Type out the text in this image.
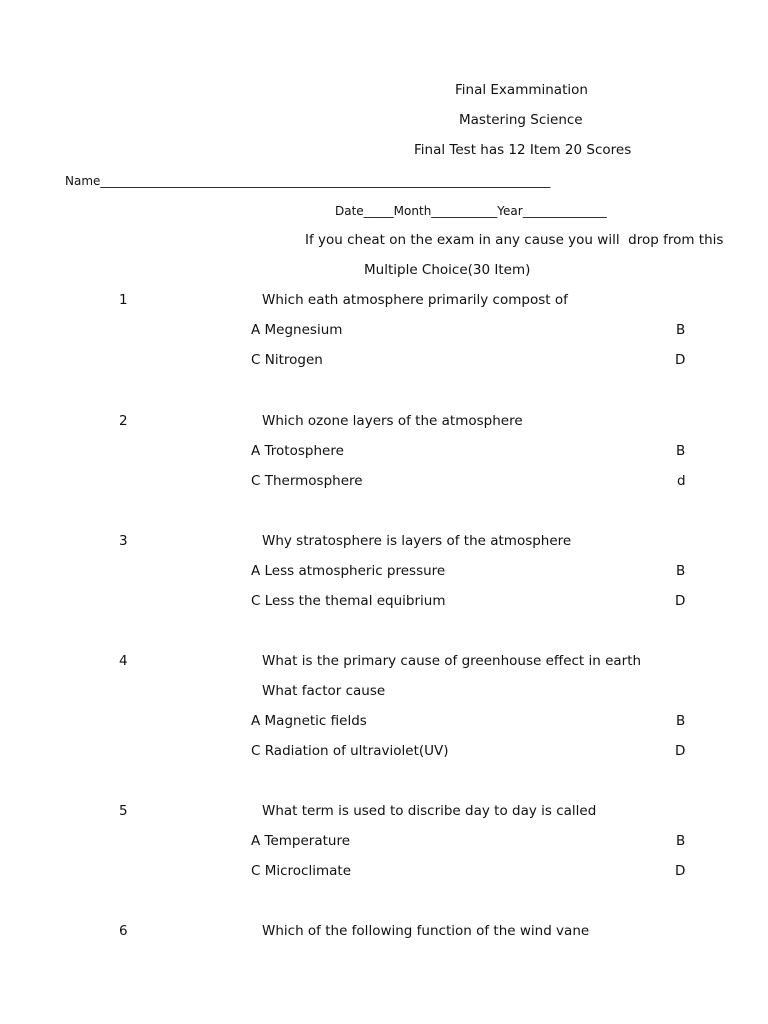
Final Exammination
Mastering Science
Final Test has 12 Item 20 Scores
Name___________________________________________________________________________
Date_____Month___________Year______________
If you cheat on the exam in any cause you will  drop from this
Multiple Choice(30 Item)
1	Which eath atmosphere primarily compost of
A Megnesium	B
C Nitrogen	D
2	Which ozone layers of the atmosphere
A Trotosphere	B
C Thermosphere	d
3	Why stratosphere is layers of the atmosphere
A Less atmospheric pressure	B
C Less the themal equibrium	D
4	What is the primary cause of greenhouse effect in earth
What factor cause
A Magnetic fields	B
C Radiation of ultraviolet(UV)	D
5	What term is used to discribe day to day is called
A Temperature	B
C Microclimate	D
6	Which of the following function of the wind vane
